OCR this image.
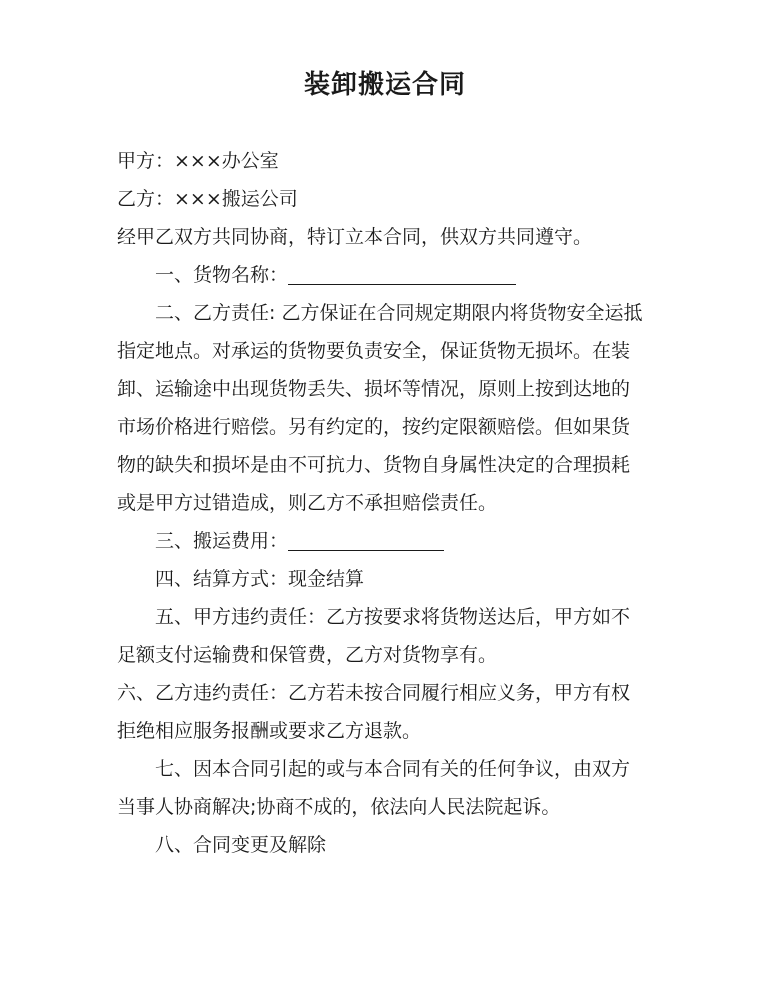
装卸搬运合同

甲方：×××办公室

乙方：×××搬运公司

经甲乙双方共同协商，特订立本合同，供双方共同遵守。

一、货物名称：

二、乙方责任: 乙方保证在合同规定期限内将货物安全运抵指定地点。对承运的货物要负责安全，保证货物无损坏。在装卸、运输途中出现货物丢失、损坏等情况，原则上按到达地的市场价格进行赔偿。另有约定的，按约定限额赔偿。但如果货物的缺失和损坏是由不可抗力、货物自身属性决定的合理损耗或是甲方过错造成，则乙方不承担赔偿责任。

三、搬运费用：

四、结算方式：现金结算

五、甲方违约责任：乙方按要求将货物送达后，甲方如不足额支付运输费和保管费，乙方对货物享有。

六、乙方违约责任：乙方若未按合同履行相应义务，甲方有权拒绝相应服务报酬或要求乙方退款。

七、因本合同引起的或与本合同有关的任何争议，由双方当事人协商解决;协商不成的，依法向人民法院起诉。

八、合同变更及解除
